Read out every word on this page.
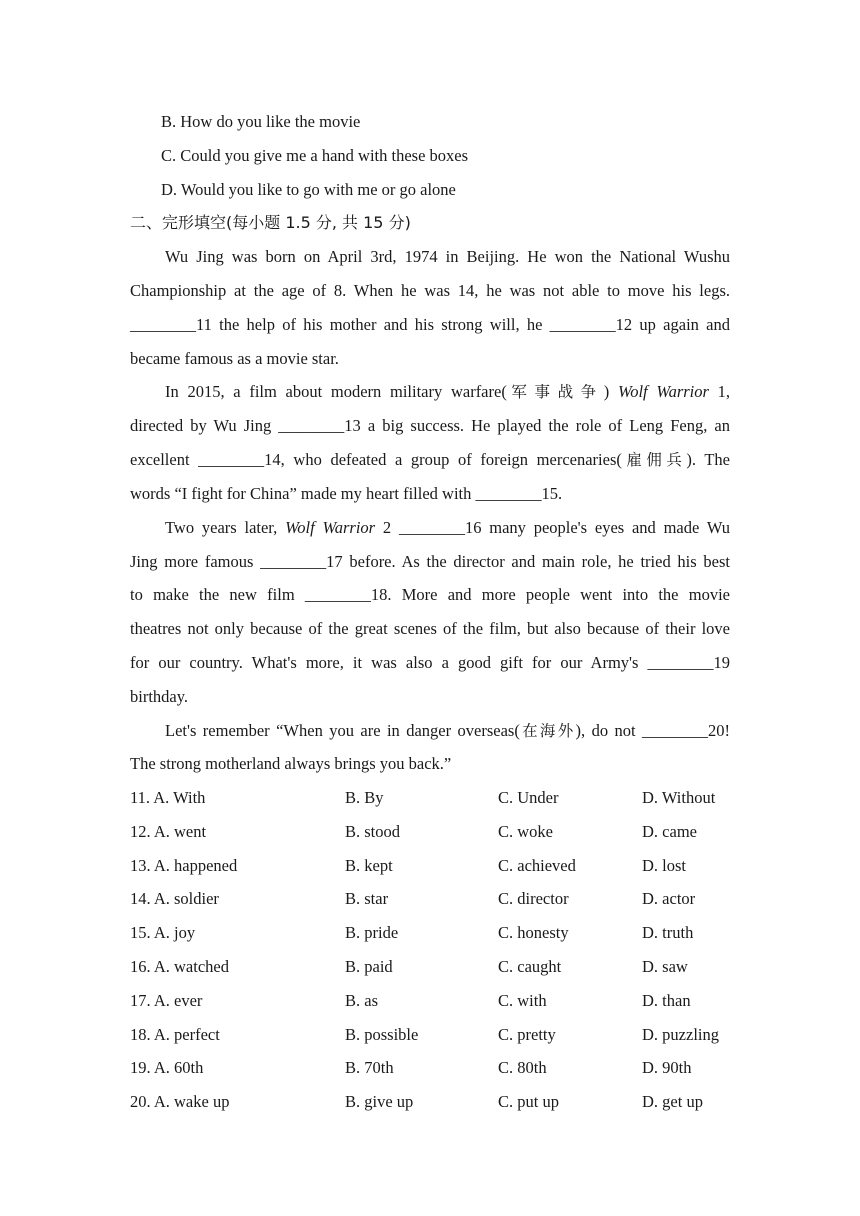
B. How do you like the movie
C. Could you give me a hand with these boxes
D. Would you like to go with me or go alone
二、完形填空(每小题 1.5 分, 共 15 分)
Wu Jing was born on April 3rd, 1974 in Beijing. He won the National Wushu
Championship at the age of 8. When he was 14, he was not able to move his legs.
________11 the help of his mother and his strong will, he ________12 up again and
became famous as a movie star.
In 2015, a film about modern military warfare(军事战争) Wolf Warrior 1,
directed by Wu Jing ________13 a big success. He played the role of Leng Feng, an
excellent ________14, who defeated a group of foreign mercenaries(雇佣兵). The
words “I fight for China” made my heart filled with ________15.
Two years later, Wolf Warrior 2 ________16 many people's eyes and made Wu
Jing more famous ________17 before. As the director and main role, he tried his best
to make the new film ________18. More and more people went into the movie
theatres not only because of the great scenes of the film, but also because of their love
for our country. What's more, it was also a good gift for our Army's ________19
birthday.
Let's remember “When you are in danger overseas(在海外), do not ________20!
The strong motherland always brings you back.”
11. A. With	B. By	C. Under	D. Without
12. A. went	B. stood	C. woke	D. came
13. A. happened	B. kept	C. achieved	D. lost
14. A. soldier	B. star	C. director	D. actor
15. A. joy	B. pride	C. honesty	D. truth
16. A. watched	B. paid	C. caught	D. saw
17. A. ever	B. as	C. with	D. than
18. A. perfect	B. possible	C. pretty	D. puzzling
19. A. 60th	B. 70th	C. 80th	D. 90th
20. A. wake up	B. give up	C. put up	D. get up
